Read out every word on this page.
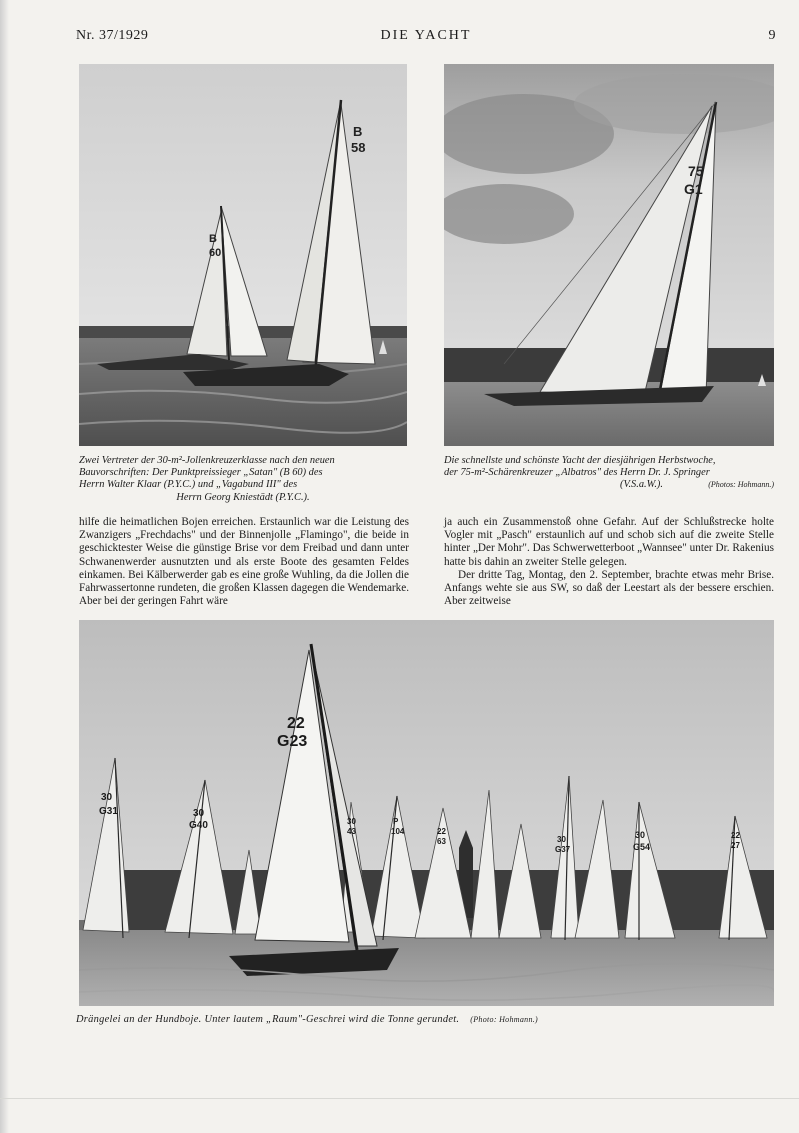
Nr. 37/1929	DIE YACHT	9
B
60
B
58
75
G1

Zwei Vertreter der 30-m²-Jollenkreuzerklasse nach den neuen

Bauvorschriften: Der Punktpreissieger „Satan" (B 60) des

Herrn Walter Klaar (P.Y.C.) und „Vagabund III" des

Herrn Georg Kniestädt (P.Y.C.).

Die schnellste und schönste Yacht der diesjährigen Herbstwoche,

der 75-m²-Schärenkreuzer „Albatros" des Herrn Dr. J. Springer

(V.S.a.W.).	(Photos: Hohmann.)

hilfe die heimatlichen Bojen erreichen. Erstaunlich war die Leistung des Zwanzigers „Frechdachs" und der Binnenjolle „Flamingo", die beide in geschicktester Weise die günstige Brise vor dem Freibad und dann unter Schwanenwerder ausnutzten und als erste Boote des gesamten Feldes einkamen. Bei Kälberwerder gab es eine große Wuhling, da die Jollen die Fahrwassertonne rundeten, die großen Klassen dagegen die Wendemarke. Aber bei der geringen Fahrt wäre

ja auch ein Zusammenstoß ohne Gefahr. Auf der Schlußstrecke holte Vogler mit „Pasch" erstaunlich auf und schob sich auf die zweite Stelle hinter „Der Mohr". Das Schwerwetterboot „Wannsee" unter Dr. Rakenius hatte bis dahin an zweiter Stelle gelegen.

Der dritte Tag, Montag, den 2. September, brachte etwas mehr Brise. Anfangs wehte sie aus SW, so daß der Leestart als der bessere erschien. Aber zeitweise

22
G23
30
G31	30
G40	30
43
P
104	22
63	30
G37
30
G54
22
27
Drängelei an der Hundboje. Unter lautem „Raum"-Geschrei wird die Tonne gerundet. (Photo: Hohmann.)
